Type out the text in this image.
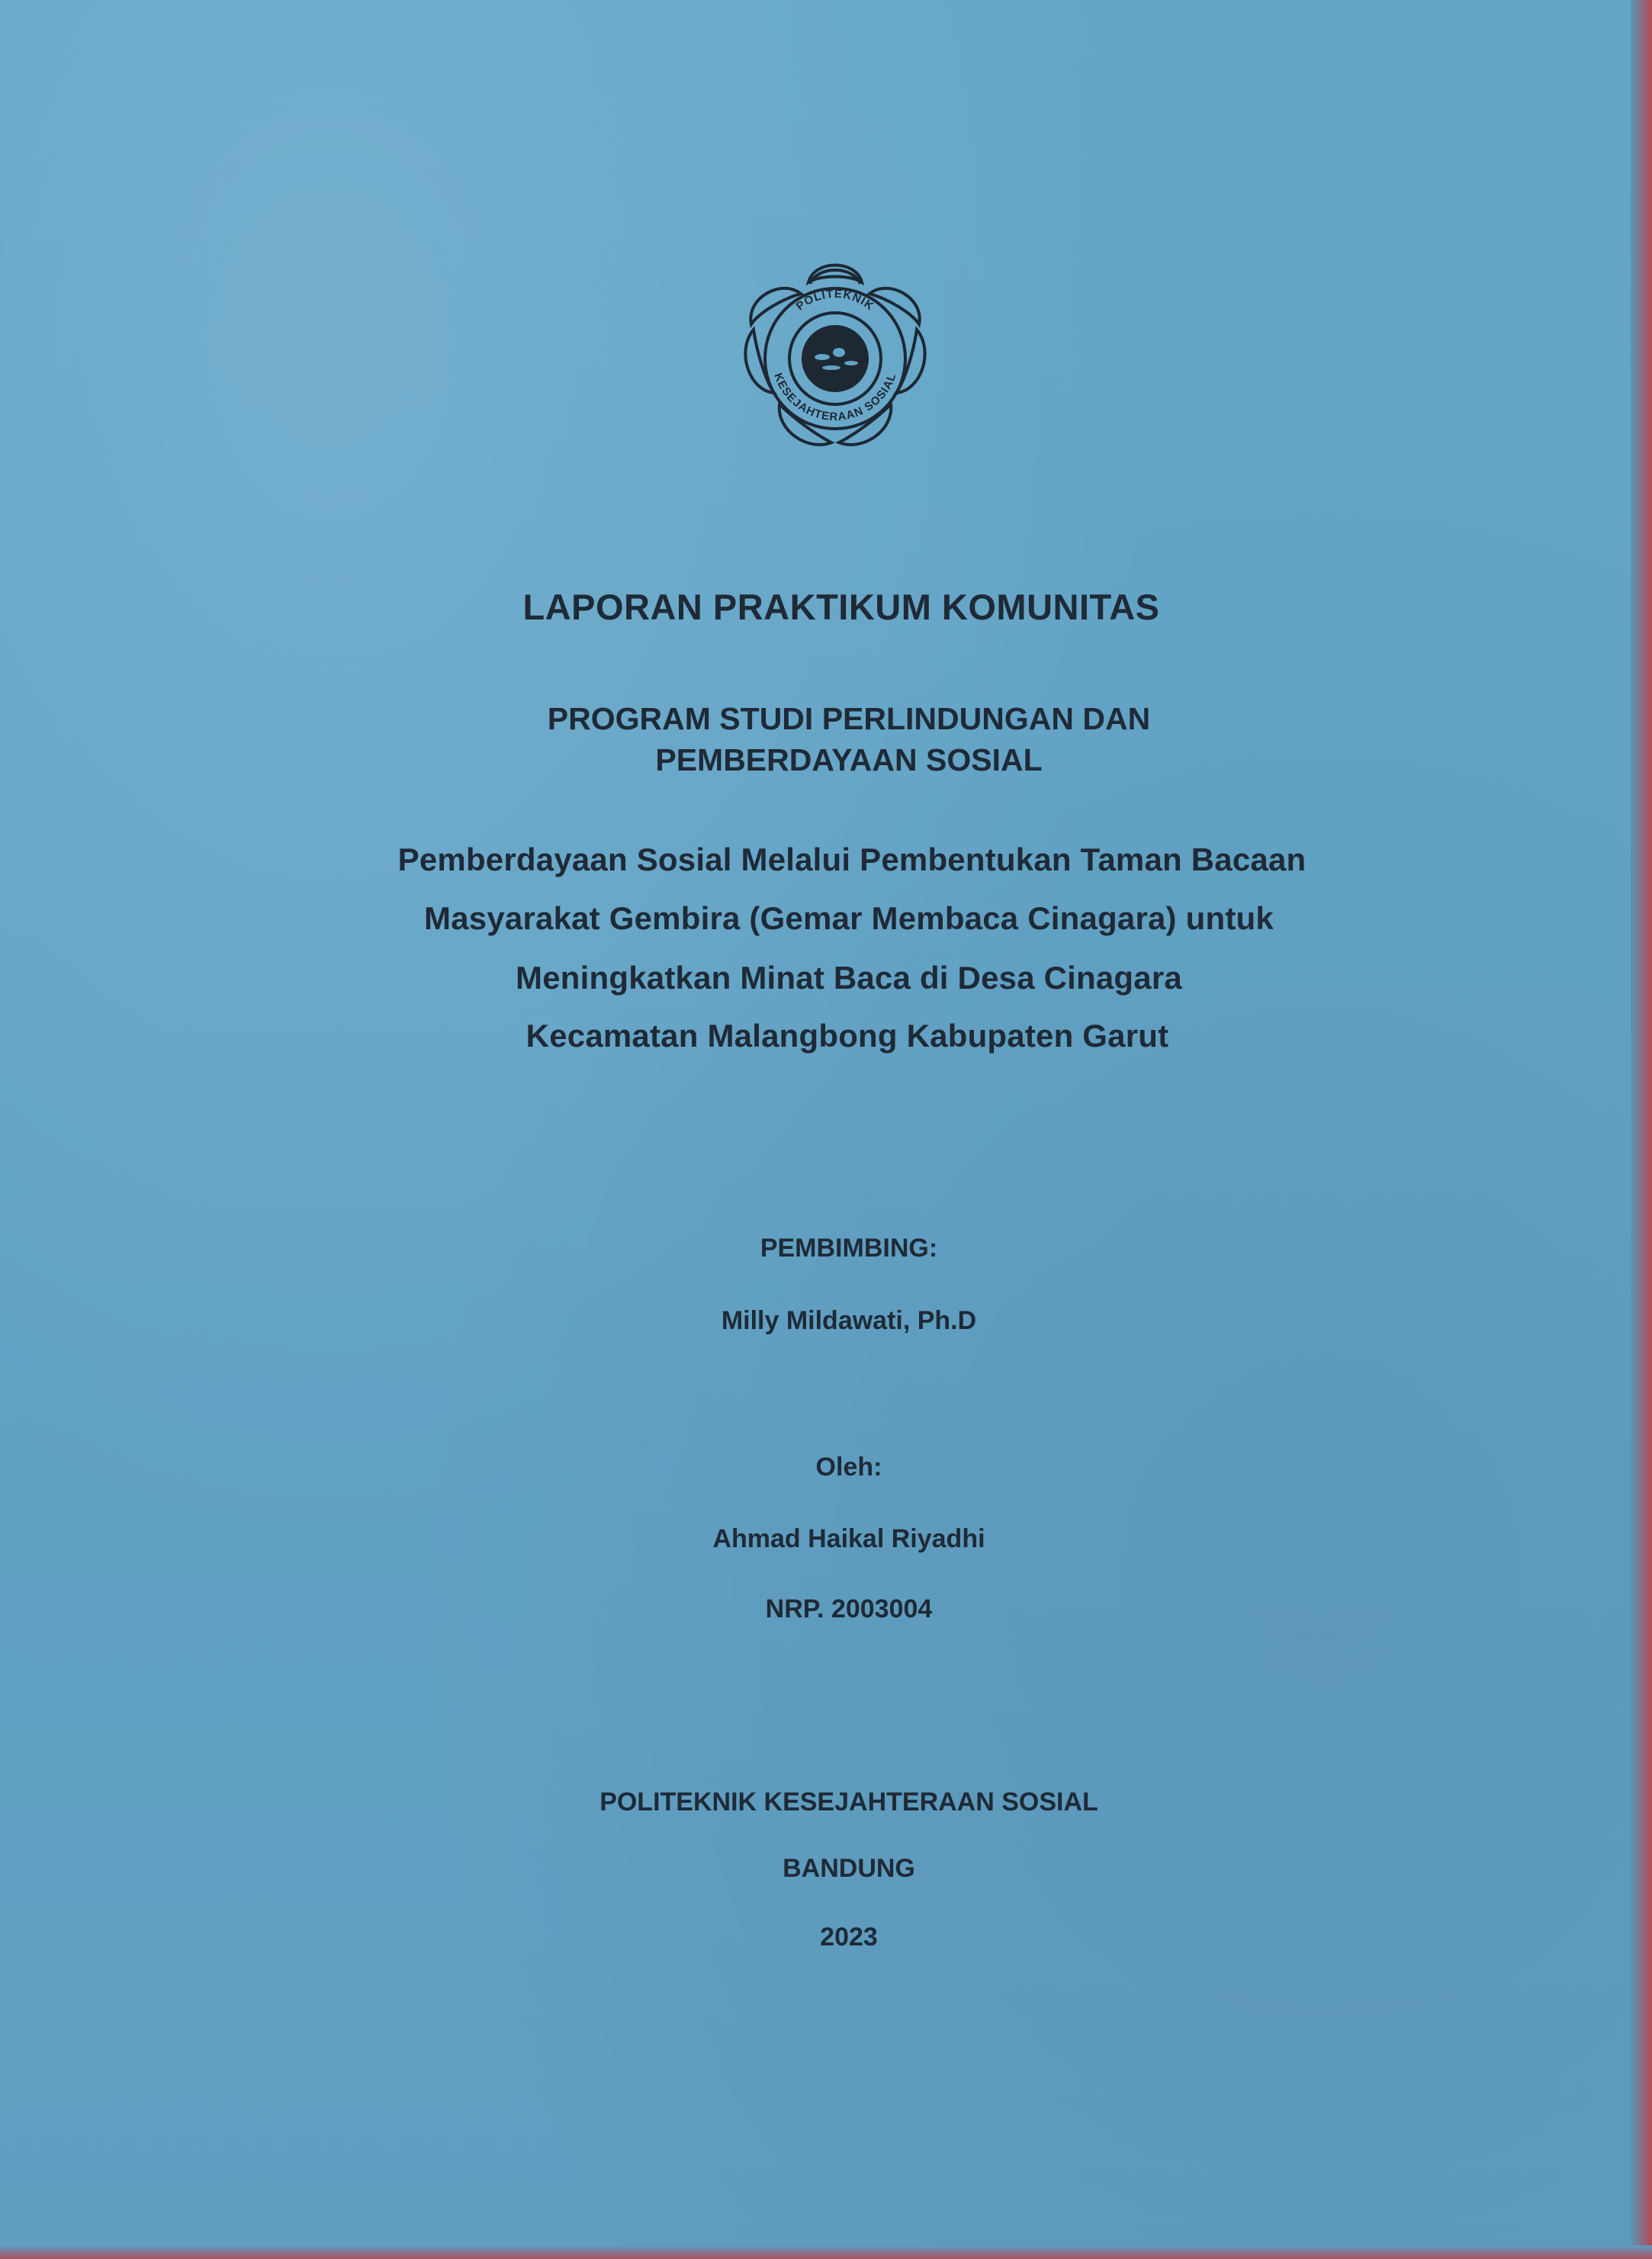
POLITEKNIK
KESEJAHTERAAN SOSIAL
LAPORAN PRAKTIKUM KOMUNITAS
PROGRAM STUDI PERLINDUNGAN DAN
PEMBERDAYAAN SOSIAL
Pemberdayaan Sosial Melalui Pembentukan Taman Bacaan
Masyarakat Gembira (Gemar Membaca Cinagara) untuk
Meningkatkan Minat Baca di Desa Cinagara
Kecamatan Malangbong Kabupaten Garut
PEMBIMBING:
Milly Mildawati, Ph.D
Oleh:
Ahmad Haikal Riyadhi
NRP. 2003004
POLITEKNIK KESEJAHTERAAN SOSIAL
BANDUNG
2023
